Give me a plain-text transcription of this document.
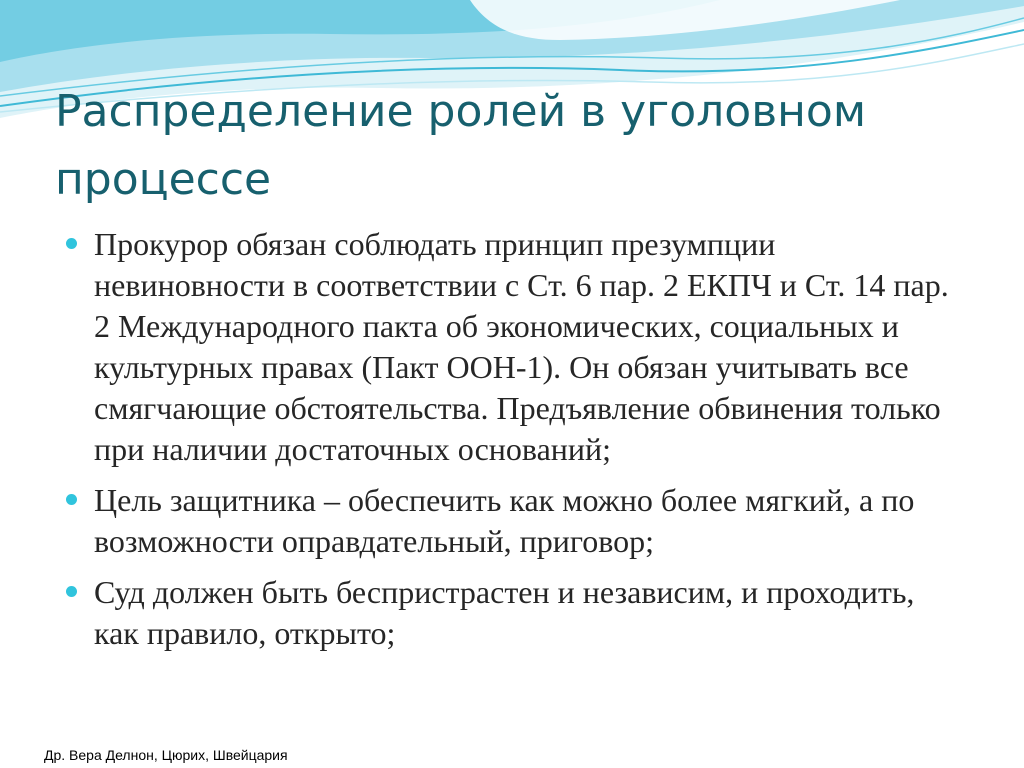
Распределение ролей в уголовном процессе
Прокурор обязан соблюдать принцип презумпции невиновности в соответствии с Ст. 6 пар. 2 ЕКПЧ и Ст. 14 пар. 2 Международного пакта об экономических, социальных и культурных правах (Пакт ООН-1). Он обязан учитывать все смягчающие обстоятельства. Предъявление обвинения только при наличии достаточных оснований;
Цель защитника – обеспечить как можно более мягкий, а по возможности оправдательный, приговор;
Суд должен быть беспристрастен и независим, и проходить, как правило, открыто;
Др. Вера Делнон, Цюрих, Швейцария
